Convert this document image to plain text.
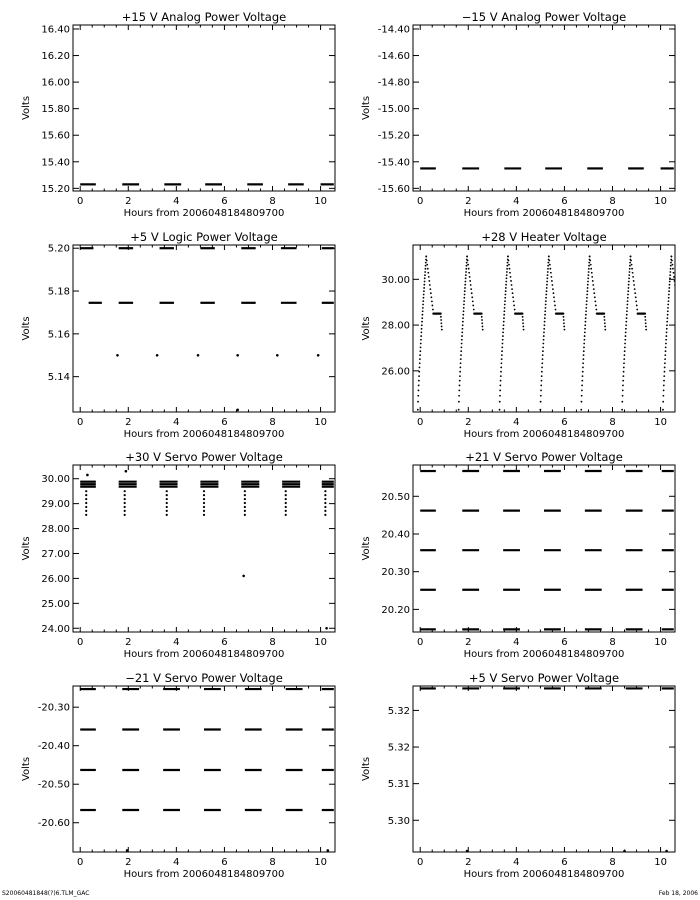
+15 V Analog Power Voltage
Hours from 2006048184809700
Volts
0	2	4	6	8	10
15.20
15.40
15.60
15.80
16.00
16.20
16.40
−15 V Analog Power Voltage
Hours from 2006048184809700
Volts
0	2	4	6	8	10
-14.40
-14.60
-14.80
-15.00
-15.20
-15.40
-15.60
+5 V Logic Power Voltage
Hours from 2006048184809700
Volts
0	2	4	6	8	10
5.14
5.16
5.18
5.20
+28 V Heater Voltage
Hours from 2006048184809700
Volts
0	2	4	6	8	10
26.00
28.00
30.00
+30 V Servo Power Voltage
Hours from 2006048184809700
Volts
0	2	4	6	8	10
24.00
25.00
26.00
27.00
28.00
29.00
30.00
+21 V Servo Power Voltage
Hours from 2006048184809700
Volts
0	2	4	6	8	10
20.20
20.30
20.40
20.50
−21 V Servo Power Voltage
Hours from 2006048184809700
Volts
0	2	4	6	8	10
-20.30
-20.40
-20.50
-20.60
+5 V Servo Power Voltage
Hours from 2006048184809700
Volts
0	2	4	6	8	10
5.30
5.31
5.32
5.32
S20060481848(?)6.TLM_GAC	Feb 18, 2006
